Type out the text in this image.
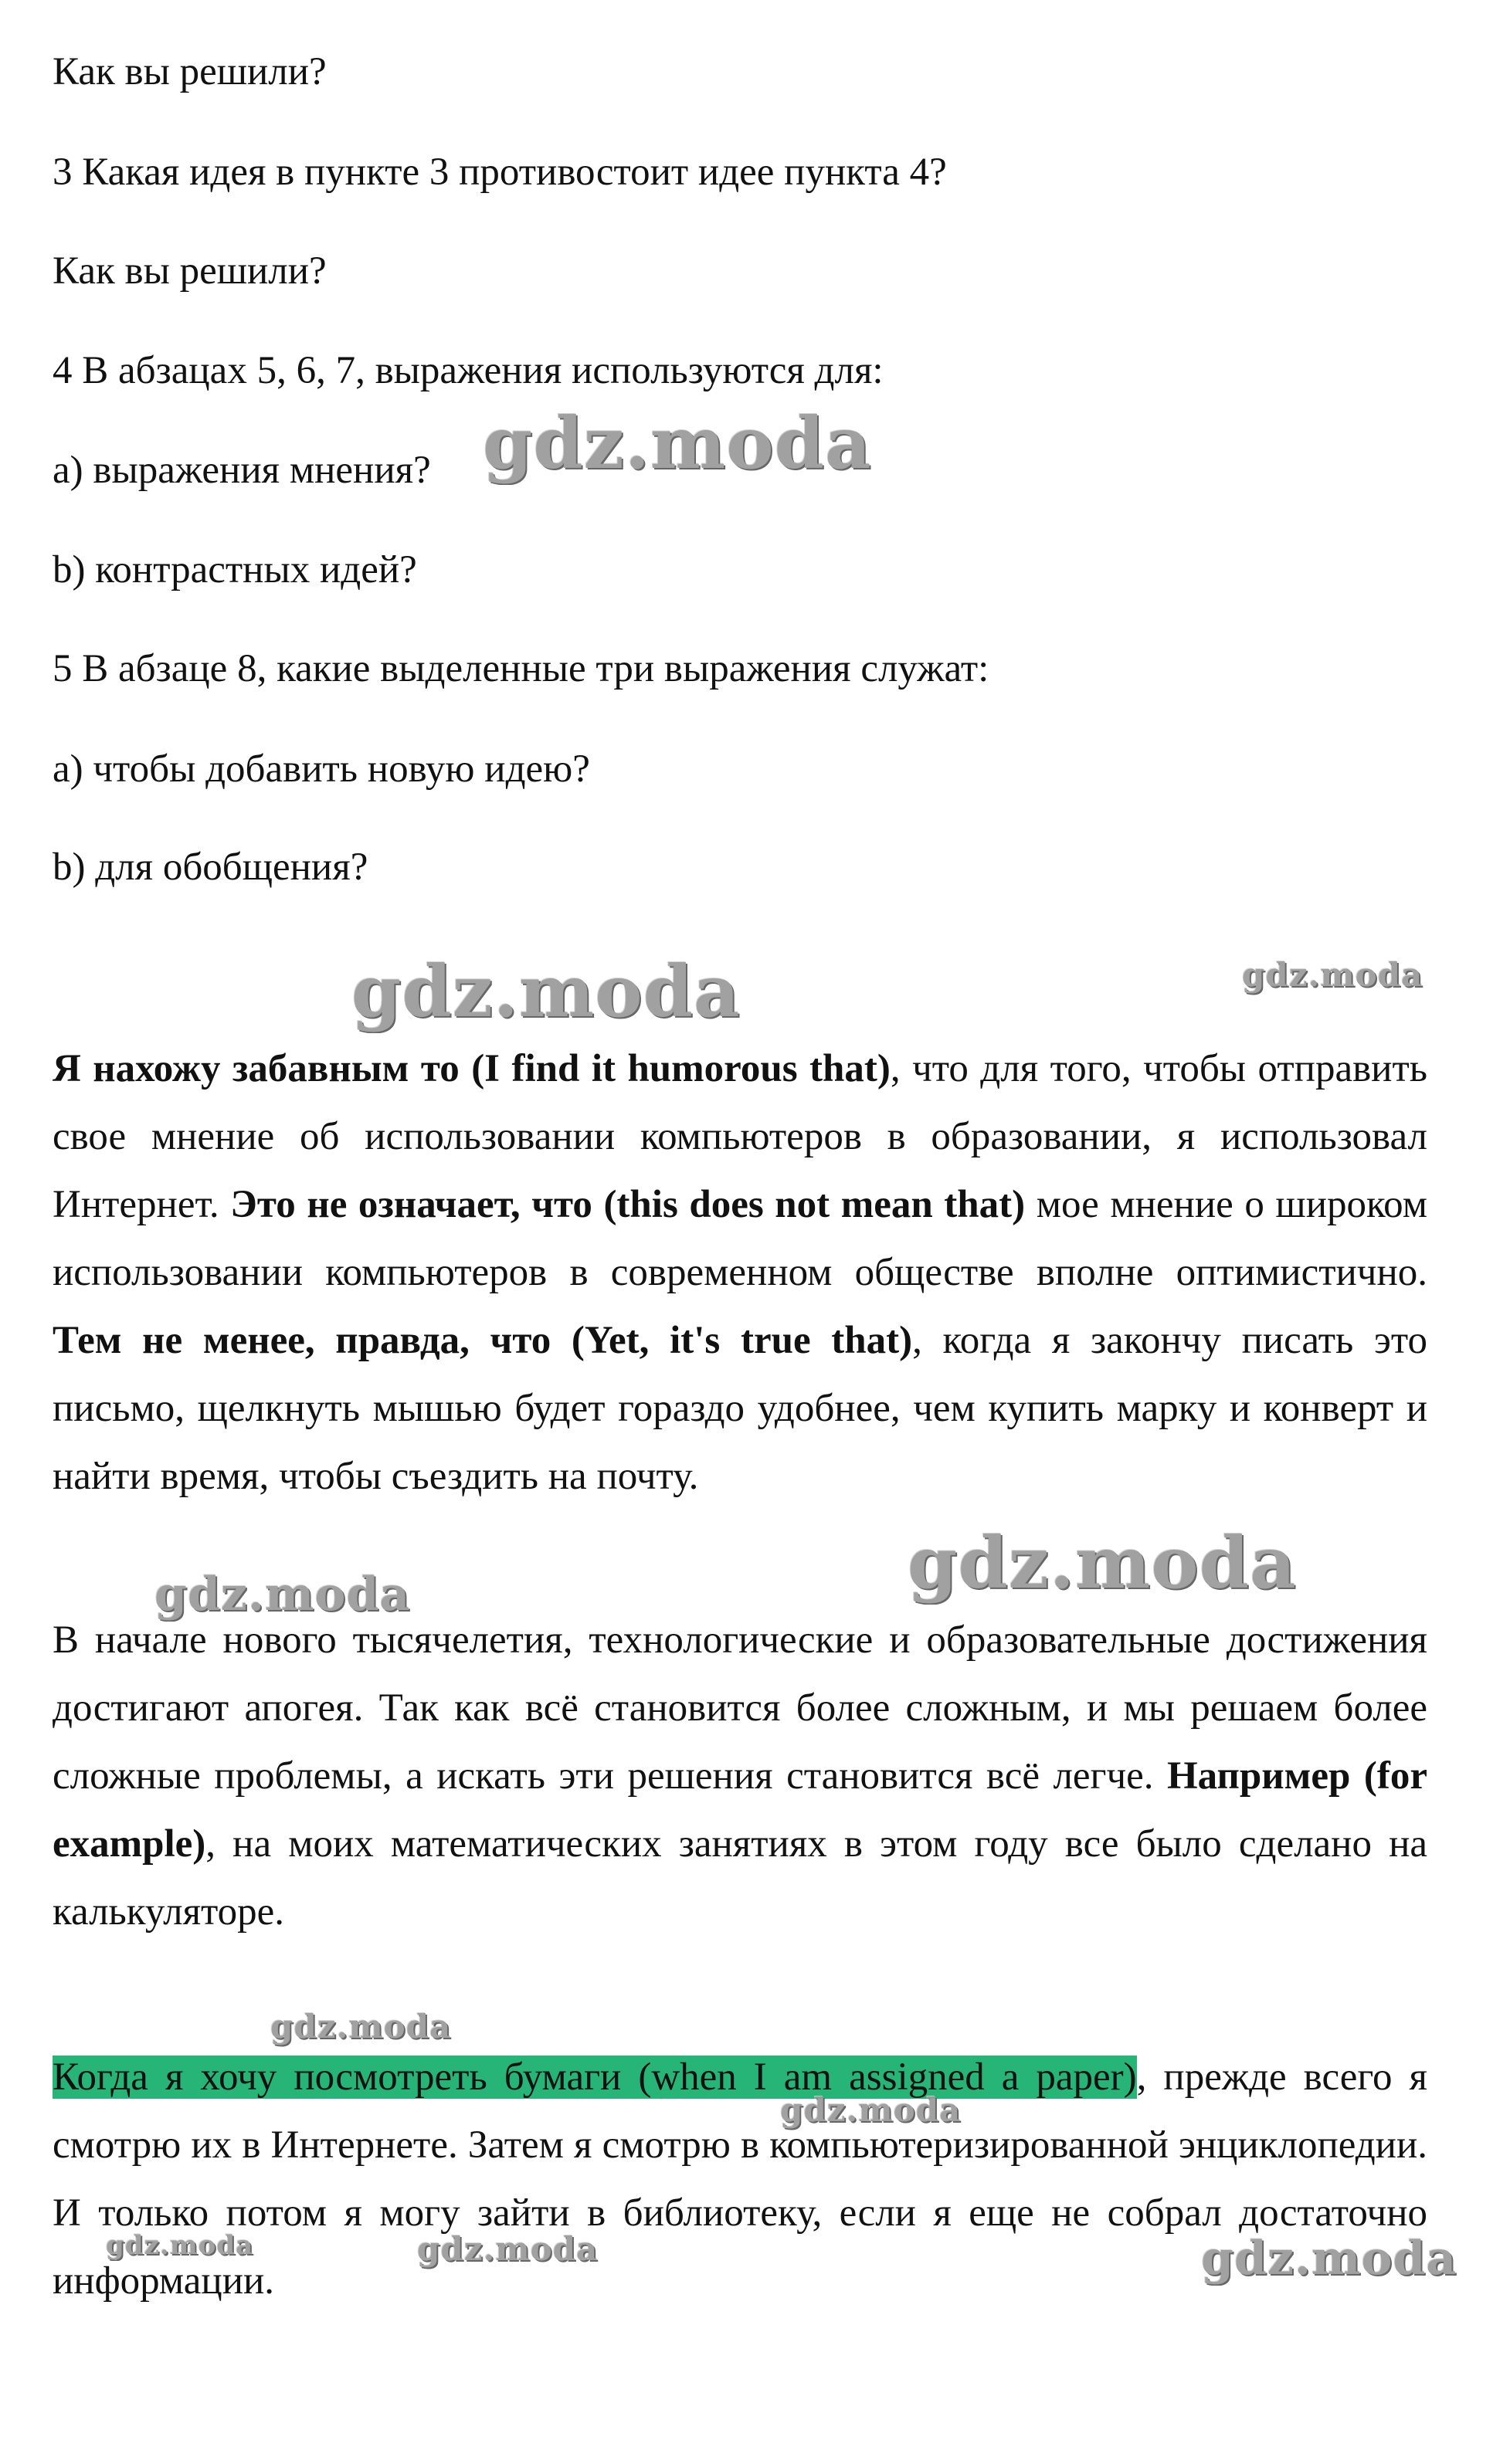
Как вы решили?
3 Какая идея в пункте 3 противостоит идее пункта 4?
Как вы решили?
4 В абзацах 5, 6, 7, выражения используются для:
a) выражения мнения?
b) контрастных идей?
5 В абзаце 8, какие выделенные три выражения служат:
a) чтобы добавить новую идею?
b) для обобщения?
Я нахожу забавным то (I find it humorous that), что для того, чтобы отправить свое мнение об использовании компьютеров в образовании, я использовал Интернет. Это не означает, что (this does not mean that) мое мнение о широком использовании компьютеров в современном обществе вполне оптимистично. Тем не менее, правда, что (Yet, it's true that), когда я закончу писать это письмо, щелкнуть мышью будет гораздо удобнее, чем купить марку и конверт и найти время, чтобы съездить на почту.
В начале нового тысячелетия, технологические и образовательные достижения достигают апогея. Так как всё становится более сложным, и мы решаем более сложные проблемы, а искать эти решения становится всё легче. Например (for example), на моих математических занятиях в этом году все было сделано на калькуляторе.
Когда я хочу посмотреть бумаги (when I am assigned a paper), прежде всего я смотрю их в Интернете. Затем я смотрю в компьютеризированной энциклопедии. И только потом я могу зайти в библиотеку, если я еще не собрал достаточно информации.
gdz.moda
gdz.moda	gdz.moda
gdz.moda
gdz.moda
gdz.moda
gdz.moda
gdz.moda	gdz.moda	gdz.moda
